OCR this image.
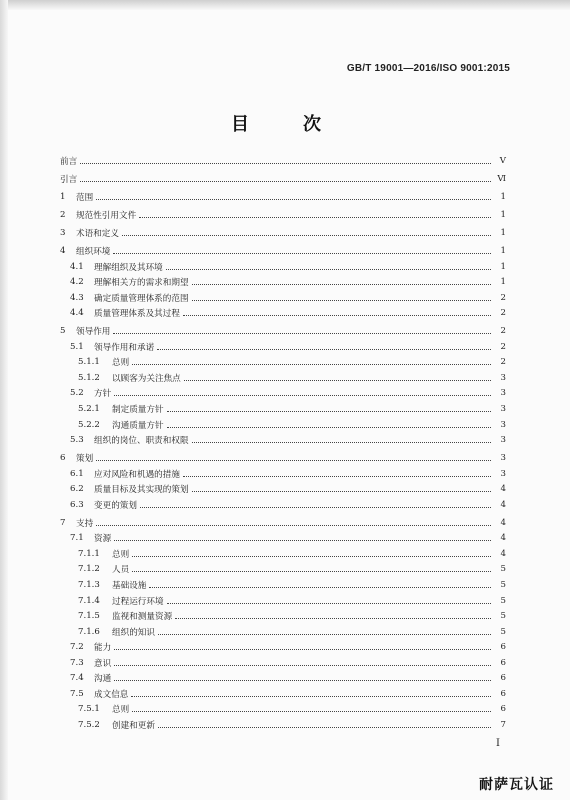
GB/T 19001—2016/ISO 9001:2015
目　次
前言	Ⅴ
引言	Ⅵ
1	范围	1
2	规范性引用文件	1
3	术语和定义	1
4	组织环境	1
4.1	理解组织及其环境	1
4.2	理解相关方的需求和期望	1
4.3	确定质量管理体系的范围	2
4.4	质量管理体系及其过程	2
5	领导作用	2
5.1	领导作用和承诺	2
5.1.1	总则	2
5.1.2	以顾客为关注焦点	3
5.2	方针	3
5.2.1	制定质量方针	3
5.2.2	沟通质量方针	3
5.3	组织的岗位、职责和权限	3
6	策划	3
6.1	应对风险和机遇的措施	3
6.2	质量目标及其实现的策划	4
6.3	变更的策划	4
7	支持	4
7.1	资源	4
7.1.1	总则	4
7.1.2	人员	5
7.1.3	基础设施	5
7.1.4	过程运行环境	5
7.1.5	监视和测量资源	5
7.1.6	组织的知识	5
7.2	能力	6
7.3	意识	6
7.4	沟通	6
7.5	成文信息	6
7.5.1	总则	6
7.5.2	创建和更新	7
Ⅰ
耐萨瓦认证
